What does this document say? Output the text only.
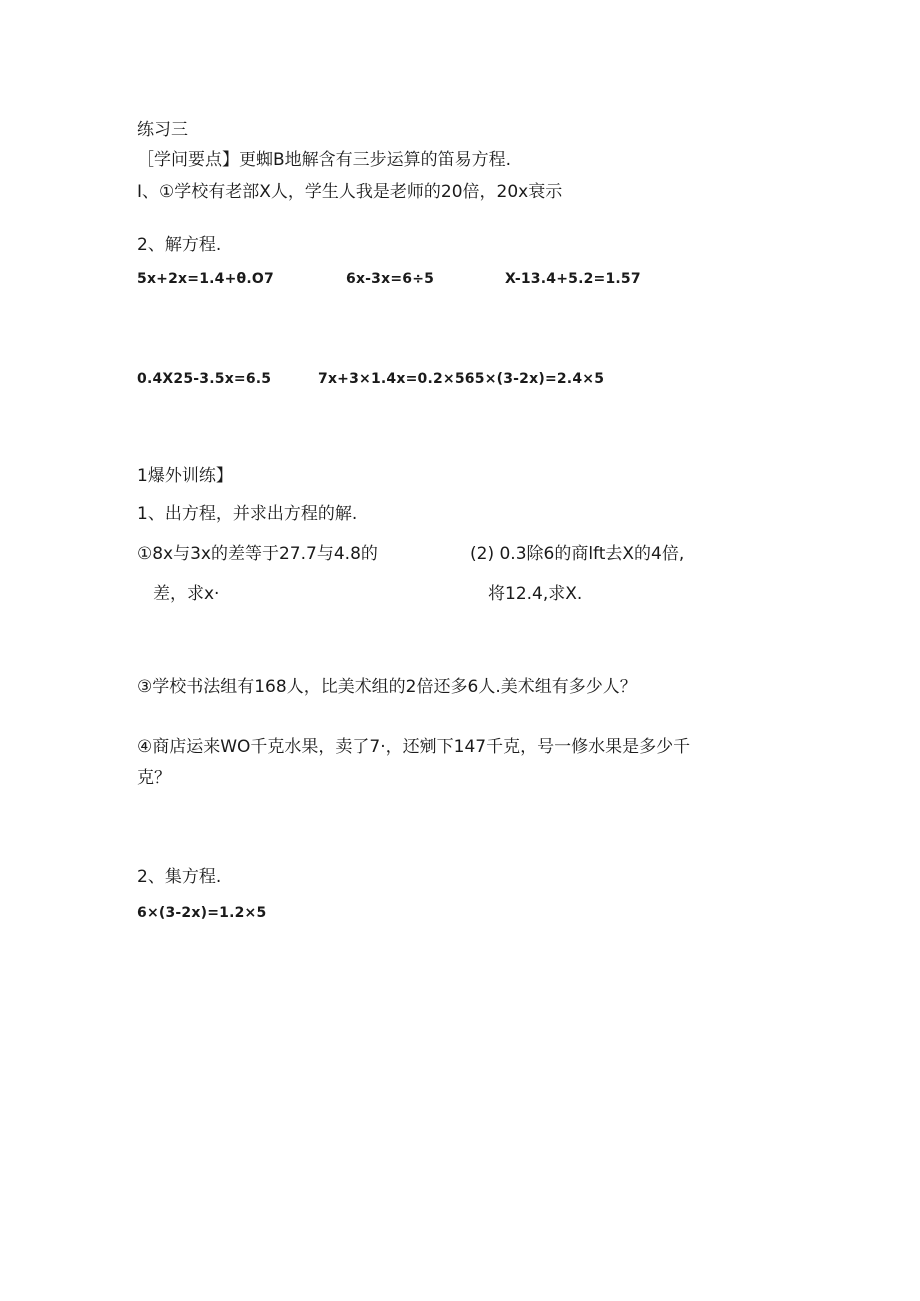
练习三
［学问要点】更蜘B地解含有三步运算的笛易方程.
I、①学校有老部X人，学生人我是老师的20倍，20x衰示
2、解方程.
5x+2x=1.4+θ.O7	6x-3x=6÷5	X-13.4+5.2=1.57
0.4X25-3.5x=6.5	7x+3×1.4x=0.2×565×(3-2x)=2.4×5
1爆外训练】
1、出方程，并求出方程的解.
①8x与3x的差等于27.7与4.8的
差，求x·
(2) 0.3除6的商lft去X的4倍,
将12.4,求X.
③学校书法组有168人，比美术组的2倍还多6人.美术组有多少人？
④商店运来WO千克水果，卖了7·，还剜下147千克，号一修水果是多少千
克？
2、集方程.
6×(3-2x)=1.2×5
